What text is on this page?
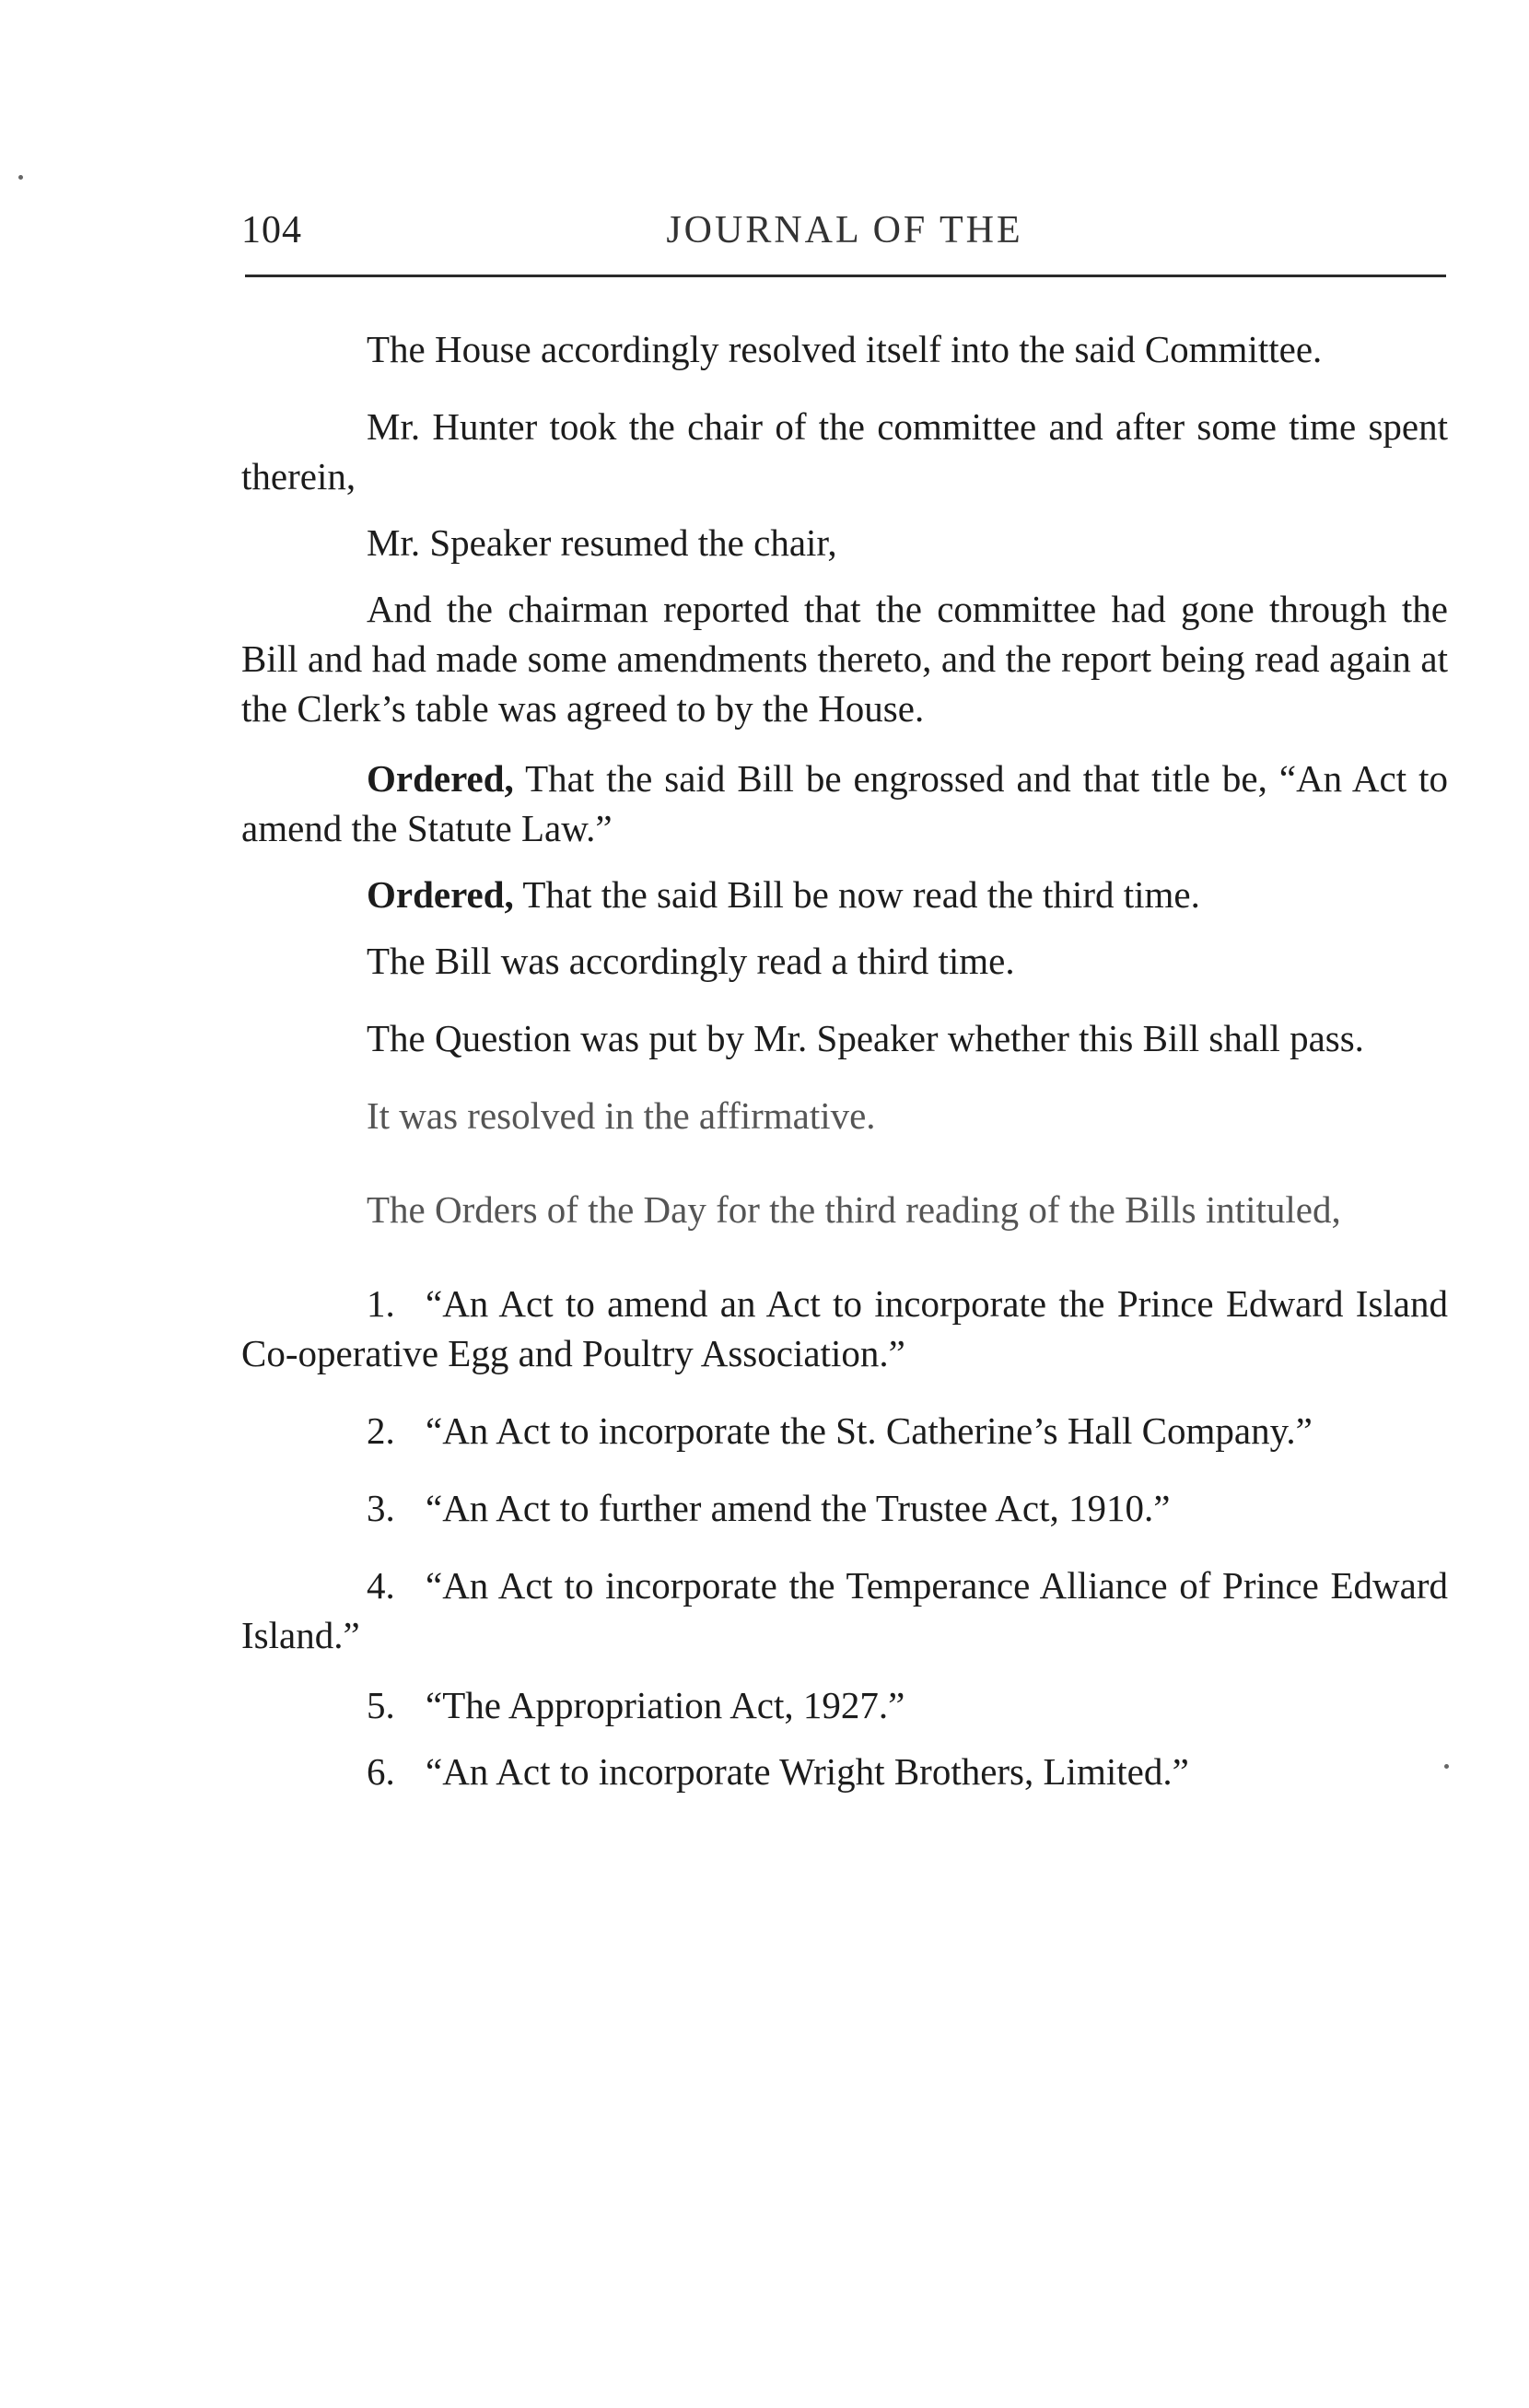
104	JOURNAL OF THE

The House accordingly resolved itself into the said Committee.

Mr. Hunter took the chair of the committee and after some time spent therein,

Mr. Speaker resumed the chair,

And the chairman reported that the committee had gone through the Bill and had made some amendments thereto, and the report being read again at the Clerk’s table was agreed to by the House.

Ordered, That the said Bill be engrossed and that title be, “An Act to amend the Statute Law.”

Ordered, That the said Bill be now read the third time.

The Bill was accordingly read a third time.

The Question was put by Mr. Speaker whether this Bill shall pass.

It was resolved in the affirmative.

The Orders of the Day for the third reading of the Bills intituled,

1. “An Act to amend an Act to incorporate the Prince Edward Island Co-operative Egg and Poultry Association.”

2. “An Act to incorporate the St. Catherine’s Hall Company.”

3. “An Act to further amend the Trustee Act, 1910.”

4. “An Act to incorporate the Temperance Alliance of Prince Edward Island.”

5. “The Appropriation Act, 1927.”

6. “An Act to incorporate Wright Brothers, Limited.”
